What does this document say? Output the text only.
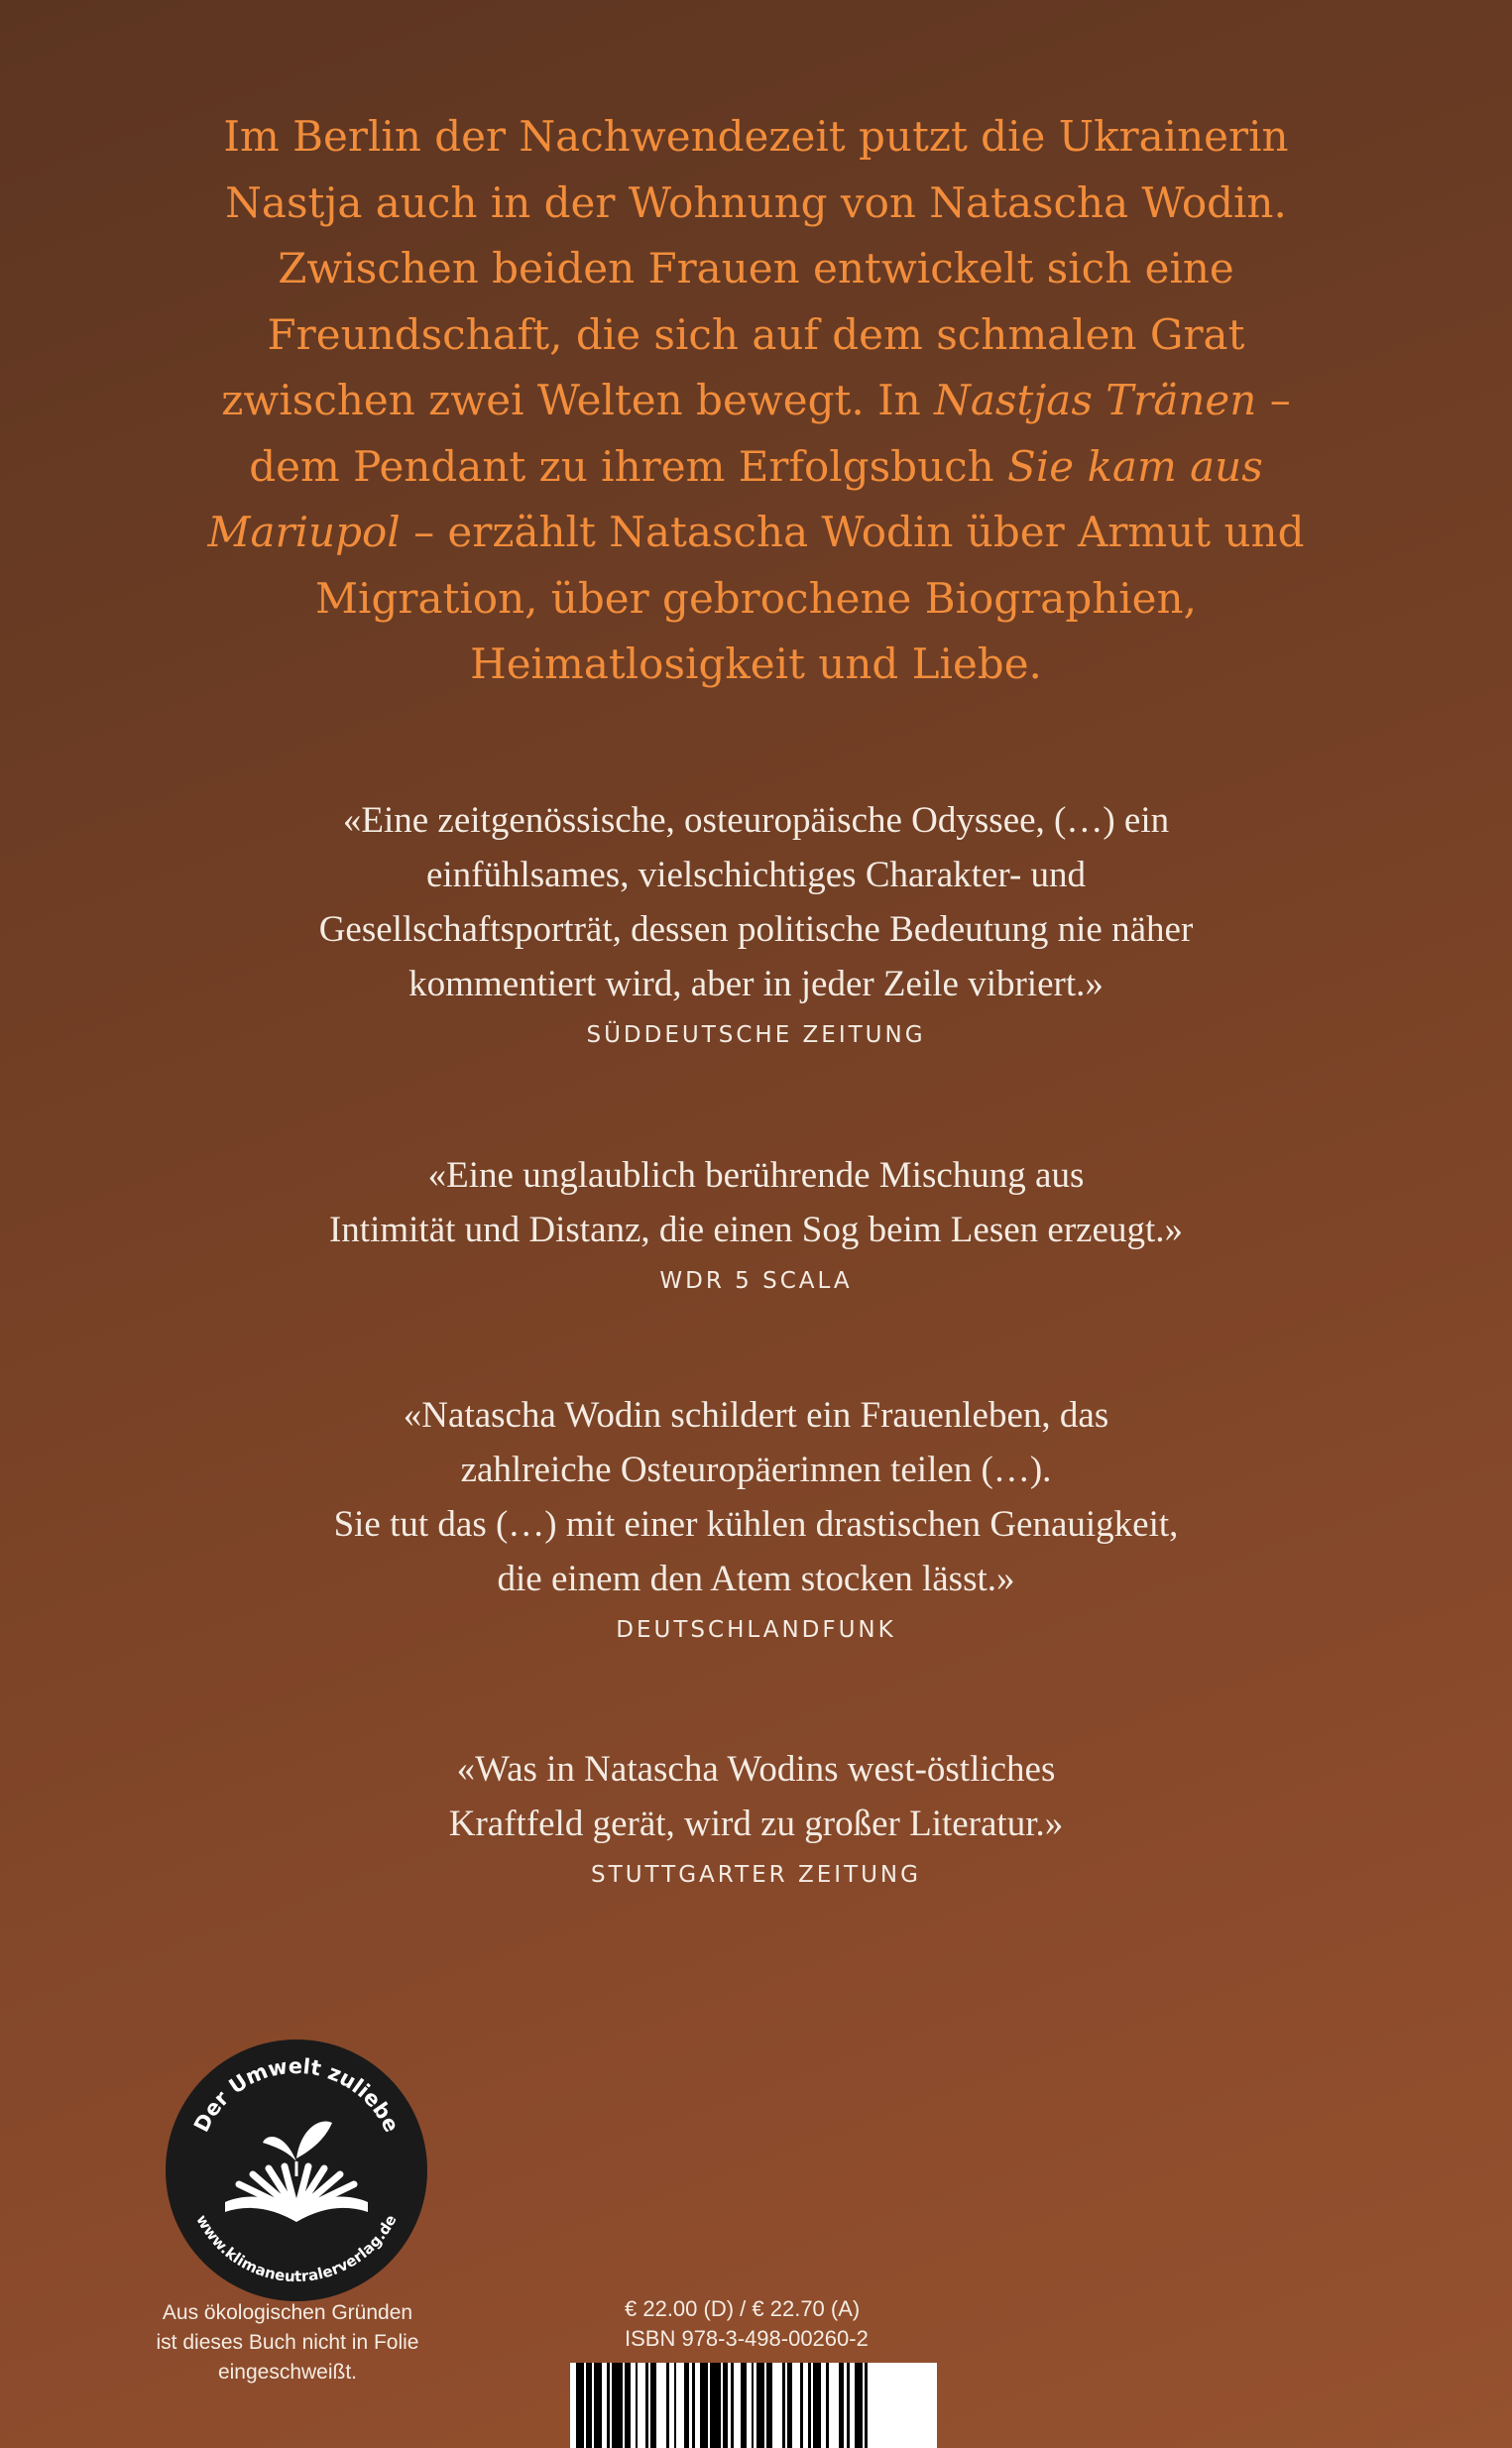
Im Berlin der Nachwendezeit putzt die Ukrainerin Nastja auch in der Wohnung von Natascha Wodin. Zwischen beiden Frauen entwickelt sich eine Freundschaft, die sich auf dem schmalen Grat zwischen zwei Welten bewegt. In Nastjas Tränen – dem Pendant zu ihrem Erfolgsbuch Sie kam aus Mariupol – erzählt Natascha Wodin über Armut und Migration, über gebrochene Biographien, Heimatlosigkeit und Liebe.
«Eine zeitgenössische, osteuropäische Odyssee, (…) ein
einfühlsames, vielschichtiges Charakter- und
Gesellschaftsporträt, dessen politische Bedeutung nie näher
kommentiert wird, aber in jeder Zeile vibriert.»
SÜDDEUTSCHE ZEITUNG
«Eine unglaublich berührende Mischung aus
Intimität und Distanz, die einen Sog beim Lesen erzeugt.»
WDR 5 SCALA
«Natascha Wodin schildert ein Frauenleben, das
zahlreiche Osteuropäerinnen teilen (…).
Sie tut das (…) mit einer kühlen drastischen Genauigkeit,
die einem den Atem stocken lässt.»
DEUTSCHLANDFUNK
«Was in Natascha Wodins west-östliches
Kraftfeld gerät, wird zu großer Literatur.»
STUTTGARTER ZEITUNG
Der Umwelt zuliebe
www.klimaneutralerverlag.de
Aus ökologischen Gründen
ist dieses Buch nicht in Folie
eingeschweißt.
€ 22.00 (D) / € 22.70 (A)
ISBN 978-3-498-00260-2
